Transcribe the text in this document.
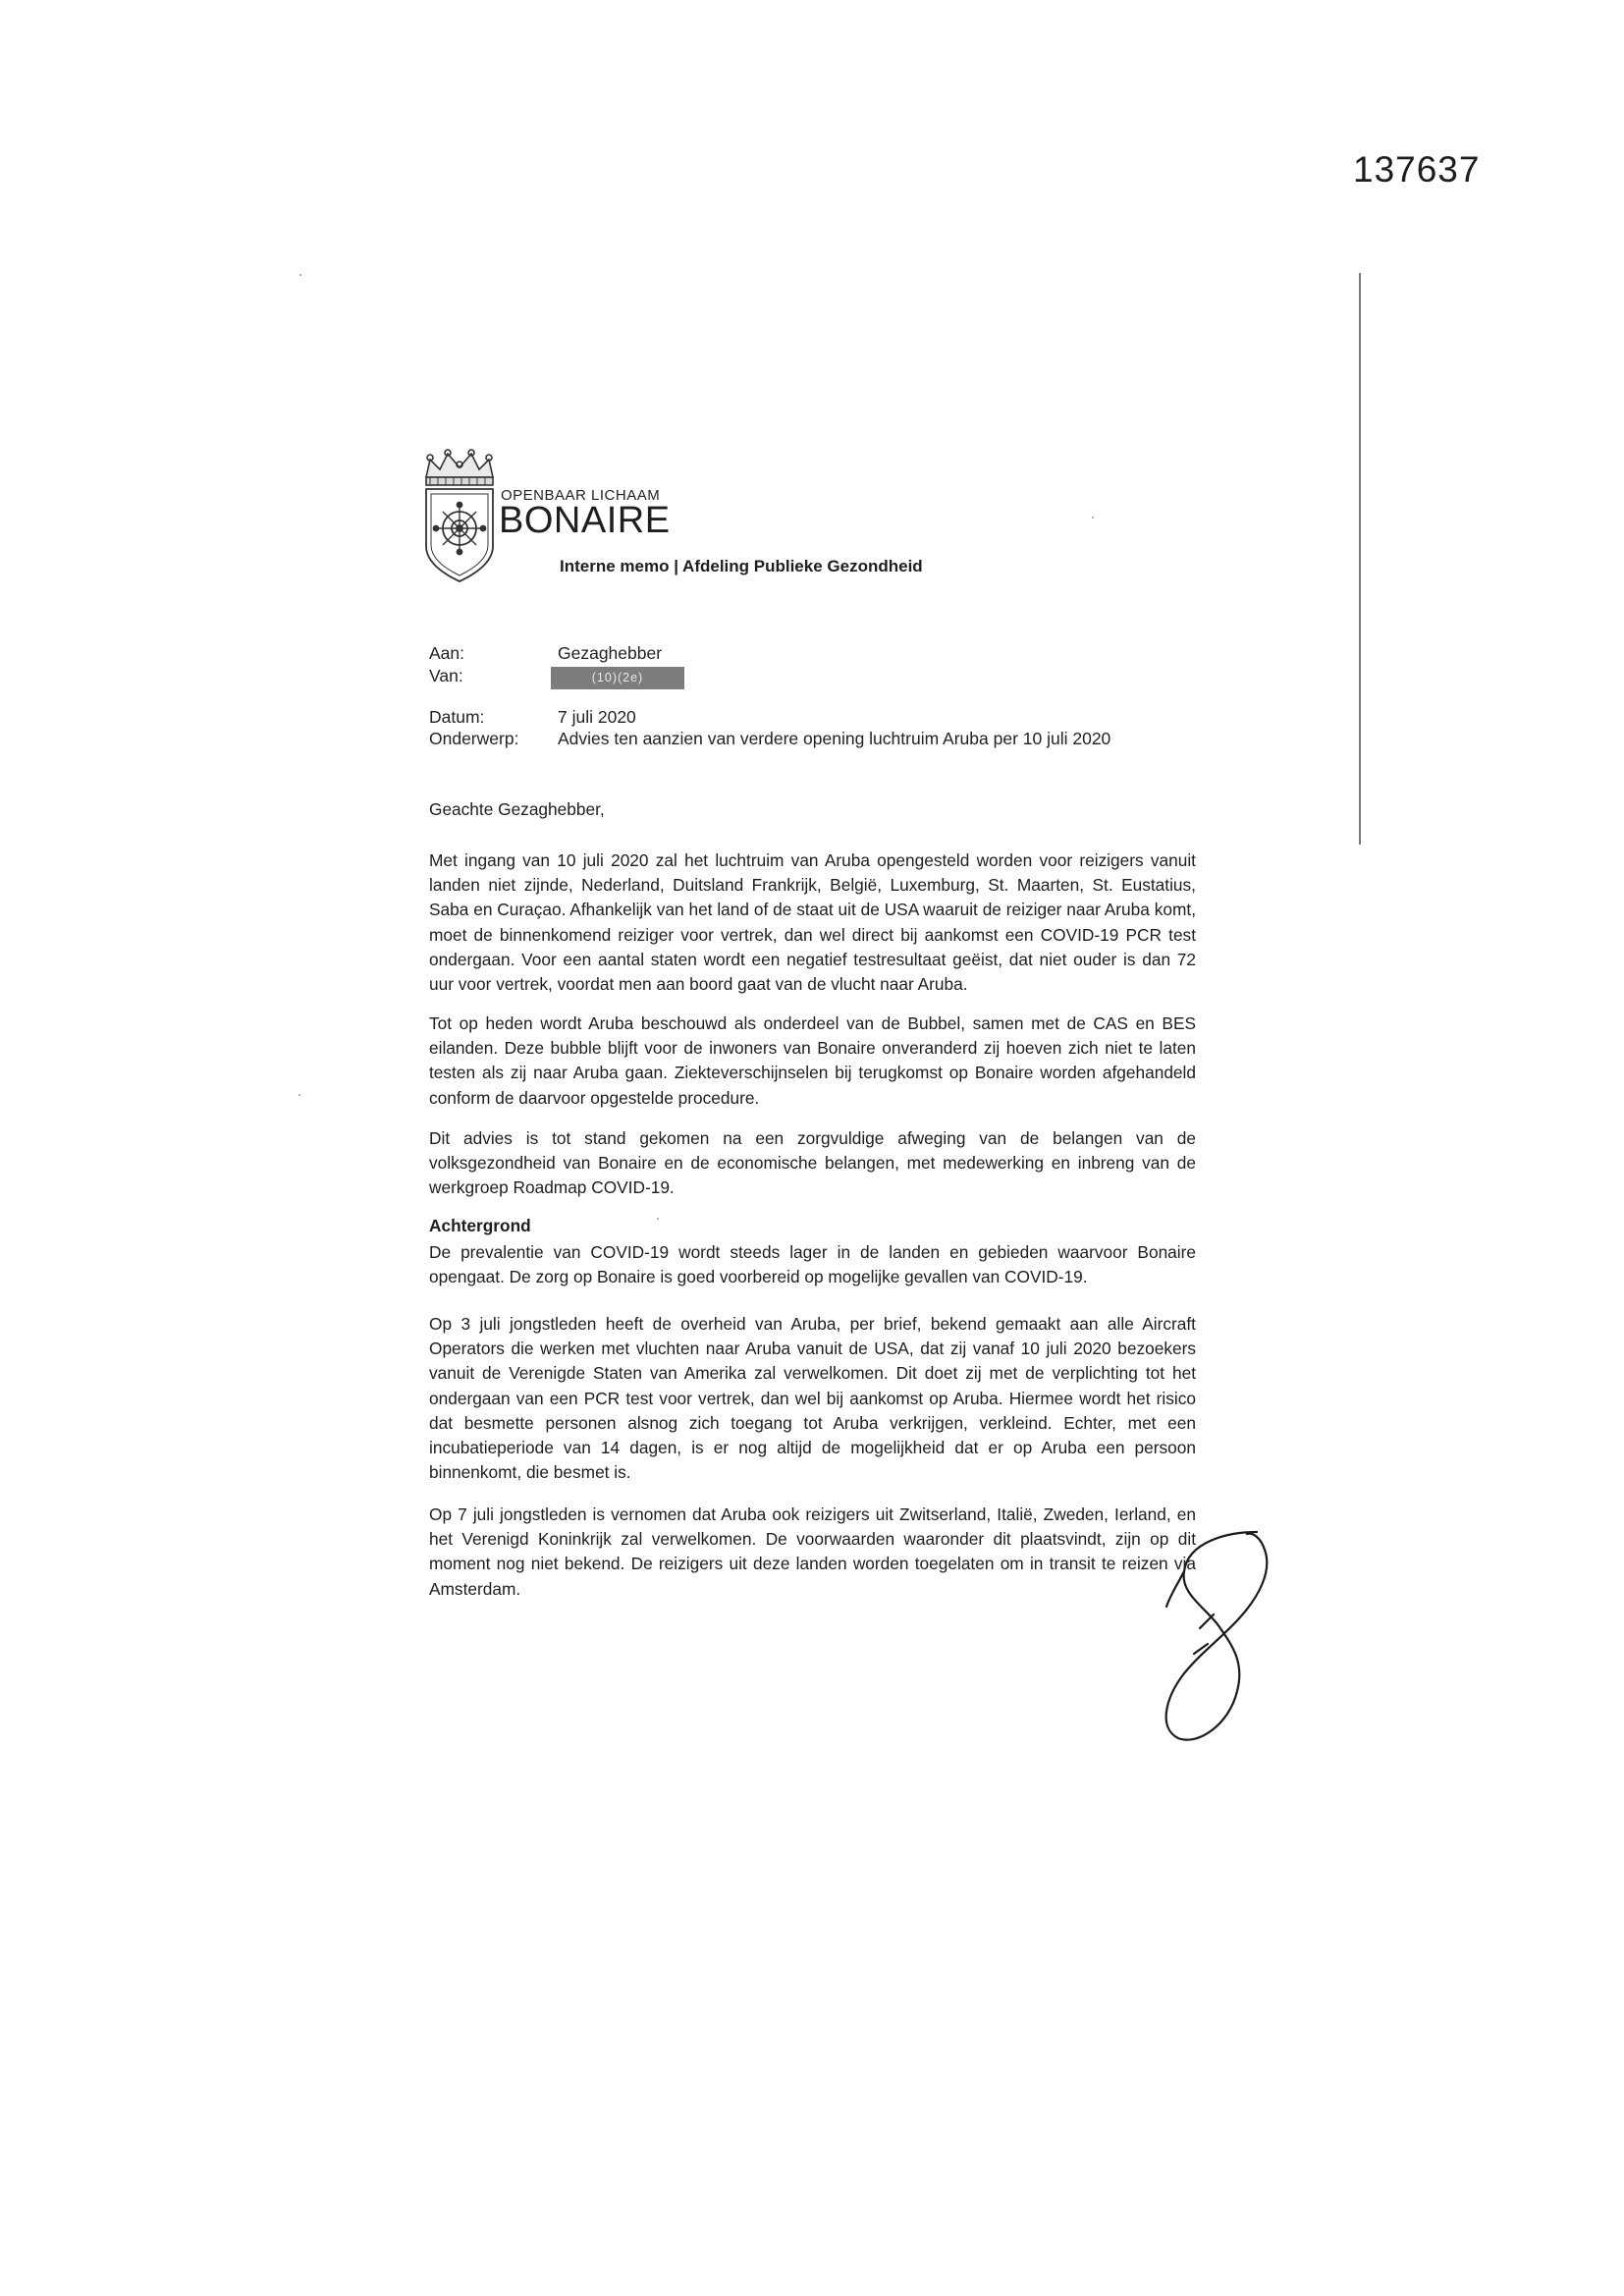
137637
OPENBAAR LICHAAM
BONAIRE
Interne memo | Afdeling Publieke Gezondheid
Aan:	Gezaghebber
Van:	(10)(2e)
Datum:	7 juli 2020
Onderwerp: Advies ten aanzien van verdere opening luchtruim Aruba per 10 juli 2020
Geachte Gezaghebber,
Met ingang van 10 juli 2020 zal het luchtruim van Aruba opengesteld worden voor reizigers vanuit landen niet zijnde, Nederland, Duitsland Frankrijk, België, Luxemburg, St. Maarten, St. Eustatius, Saba en Curaçao. Afhankelijk van het land of de staat uit de USA waaruit de reiziger naar Aruba komt, moet de binnenkomend reiziger voor vertrek, dan wel direct bij aankomst een COVID-19 PCR test ondergaan. Voor een aantal staten wordt een negatief testresultaat geëist, dat niet ouder is dan 72 uur voor vertrek, voordat men aan boord gaat van de vlucht naar Aruba.
Tot op heden wordt Aruba beschouwd als onderdeel van de Bubbel, samen met de CAS en BES eilanden. Deze bubble blijft voor de inwoners van Bonaire onveranderd zij hoeven zich niet te laten testen als zij naar Aruba gaan. Ziekteverschijnselen bij terugkomst op Bonaire worden afgehandeld conform de daarvoor opgestelde procedure.
Dit advies is tot stand gekomen na een zorgvuldige afweging van de belangen van de volksgezondheid van Bonaire en de economische belangen, met medewerking en inbreng van de werkgroep Roadmap COVID-19.
Achtergrond
De prevalentie van COVID-19 wordt steeds lager in de landen en gebieden waarvoor Bonaire opengaat. De zorg op Bonaire is goed voorbereid op mogelijke gevallen van COVID-19.
Op 3 juli jongstleden heeft de overheid van Aruba, per brief, bekend gemaakt aan alle Aircraft Operators die werken met vluchten naar Aruba vanuit de USA, dat zij vanaf 10 juli 2020 bezoekers vanuit de Verenigde Staten van Amerika zal verwelkomen. Dit doet zij met de verplichting tot het ondergaan van een PCR test voor vertrek, dan wel bij aankomst op Aruba. Hiermee wordt het risico dat besmette personen alsnog zich toegang tot Aruba verkrijgen, verkleind. Echter, met een incubatieperiode van 14 dagen, is er nog altijd de mogelijkheid dat er op Aruba een persoon binnenkomt, die besmet is.
Op 7 juli jongstleden is vernomen dat Aruba ook reizigers uit Zwitserland, Italië, Zweden, Ierland, en het Verenigd Koninkrijk zal verwelkomen. De voorwaarden waaronder dit plaatsvindt, zijn op dit moment nog niet bekend. De reizigers uit deze landen worden toegelaten om in transit te reizen via Amsterdam.
